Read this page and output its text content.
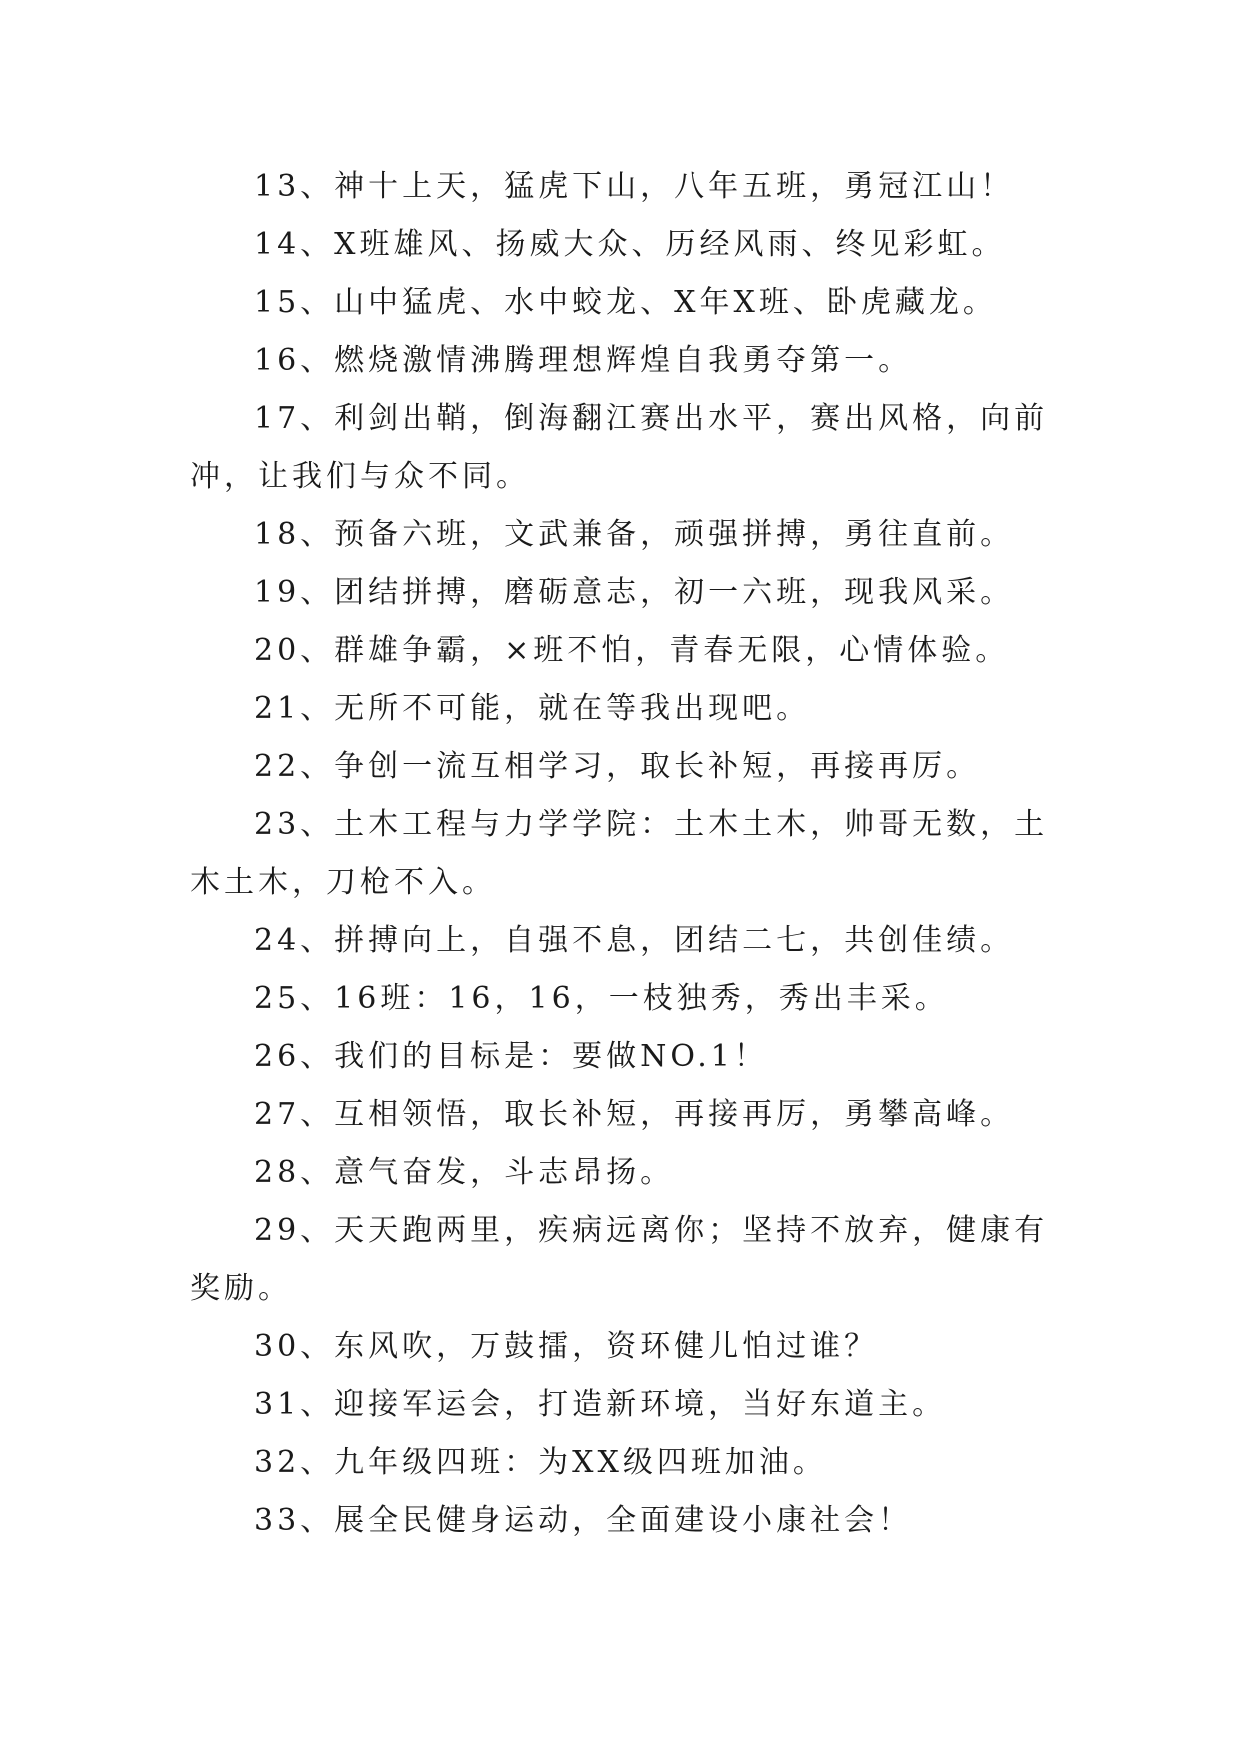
13、神十上天，猛虎下山，八年五班，勇冠江山！

14、X班雄风、扬威大众、历经风雨、终见彩虹。

15、山中猛虎、水中蛟龙、X年X班、卧虎藏龙。

16、燃烧激情沸腾理想辉煌自我勇夺第一。

17、利剑出鞘，倒海翻江赛出水平，赛出风格，向前冲，让我们与众不同。

18、预备六班，文武兼备，顽强拼搏，勇往直前。

19、团结拼搏，磨砺意志，初一六班，现我风采。

20、群雄争霸，×班不怕，青春无限，心情体验。

21、无所不可能，就在等我出现吧。

22、争创一流互相学习，取长补短，再接再厉。

23、土木工程与力学学院：土木土木，帅哥无数，土木土木，刀枪不入。

24、拼搏向上，自强不息，团结二七，共创佳绩。

25、16班：16，16，一枝独秀，秀出丰采。

26、我们的目标是：要做NO.1！

27、互相领悟，取长补短，再接再厉，勇攀高峰。

28、意气奋发，斗志昂扬。

29、天天跑两里，疾病远离你；坚持不放弃，健康有奖励。

30、东风吹，万鼓擂，资环健儿怕过谁？

31、迎接军运会，打造新环境，当好东道主。

32、九年级四班：为XX级四班加油。

33、展全民健身运动，全面建设小康社会！
